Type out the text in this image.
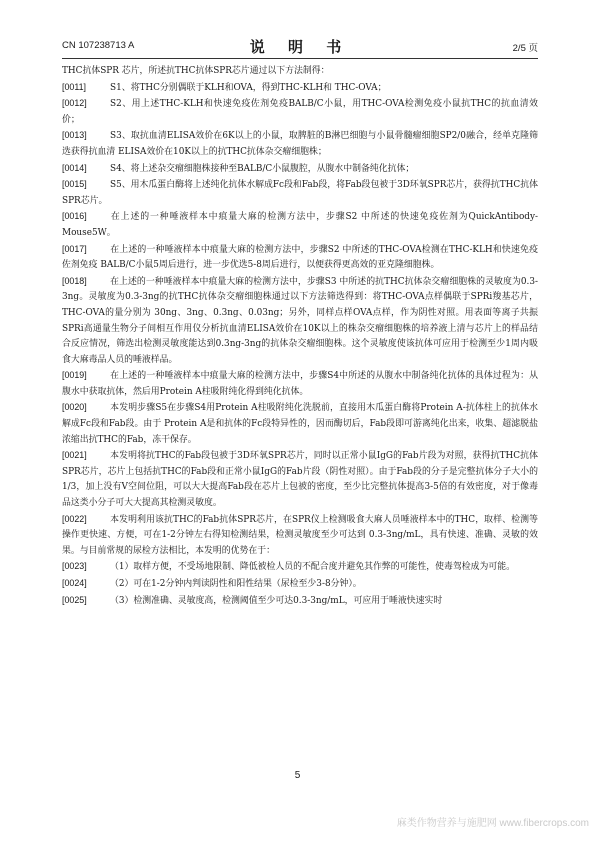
CN 107238713 A	说 明 书	2/5 页

THC抗体SPR 芯片，所述抗THC抗体SPR芯片通过以下方法制得：

[0011]	S1、将THC分别偶联于KLH和OVA，得到THC-KLH和 THC-OVA；

[0012]	S2、用上述THC-KLH和快速免疫佐剂免疫BALB/C小鼠，用THC-OVA检测免疫小鼠抗THC的抗血清效价；

[0013]	S3、取抗血清ELISA效价在6K以上的小鼠，取脾脏的B淋巴细胞与小鼠骨髓瘤细胞SP2/0融合，经单克隆筛选获得抗血清 ELISA效价在10K以上的抗THC抗体杂交瘤细胞株；

[0014]	S4、将上述杂交瘤细胞株接种至BALB/C小鼠腹腔，从腹水中制备纯化抗体；

[0015]	S5、用木瓜蛋白酶将上述纯化抗体水解成Fc段和Fab段，将Fab段包被于3D环氧SPR芯片，获得抗THC抗体SPR芯片。

[0016]	在上述的一种唾液样本中痕量大麻的检测方法中，步骤S2 中所述的快速免疫佐剂为QuickAntibody-Mouse5W。

[0017]	在上述的一种唾液样本中痕量大麻的检测方法中，步骤S2 中所述的THC-OVA检测在THC-KLH和快速免疫佐剂免疫 BALB/C小鼠5周后进行，进一步优选5-8周后进行，以便获得更高效的亚克隆细胞株。

[0018]	在上述的一种唾液样本中痕量大麻的检测方法中，步骤S3 中所述的抗THC抗体杂交瘤细胞株的灵敏度为0.3-3ng。灵敏度为0.3-3ng的抗THC抗体杂交瘤细胞株通过以下方法筛选得到：将THC-OVA点样偶联于SPRi羧基芯片，THC-OVA的量分别为 30ng、3ng、0.3ng、0.03ng；另外，同样点样OVA点样，作为阴性对照。用表面等离子共振SPRi高通量生物分子间相互作用仪分析抗血清ELISA效价在10K以上的株杂交瘤细胞株的培养液上清与芯片上的样品结合反应情况，筛选出检测灵敏度能达到0.3ng-3ng的抗体杂交瘤细胞株。这个灵敏度使该抗体可应用于检测至少1周内吸食大麻毒品人员的唾液样品。

[0019]	在上述的一种唾液样本中痕量大麻的检测方法中，步骤S4中所述的从腹水中制备纯化抗体的具体过程为：从腹水中获取抗体，然后用Protein A柱吸附纯化得到纯化抗体。

[0020]	本发明步骤S5在步骤S4用Protein A柱吸附纯化洗脱前，直接用木瓜蛋白酶将Protein A-抗体柱上的抗体水解成Fc段和Fab段。由于 Protein A是和抗体的Fc段特异性的，因而酶切后，Fab段即可游离纯化出来，收集、超滤脱盐浓缩出抗THC的Fab，冻干保存。

[0021]	本发明将抗THC的Fab段包被于3D环氧SPR芯片，同时以正常小鼠IgG的Fab片段为对照，获得抗THC抗体SPR芯片，芯片上包括抗THC的Fab段和正常小鼠IgG的Fab片段（阴性对照）。由于Fab段的分子是完整抗体分子大小的1/3，加上没有V空间位阻，可以大大提高Fab段在芯片上包被的密度，至少比完整抗体提高3-5倍的有效密度，对于像毒品这类小分子可大大提高其检测灵敏度。

[0022]	本发明利用该抗THC的Fab抗体SPR芯片，在SPR仪上检测吸食大麻人员唾液样本中的THC，取样、检测等操作更快速、方便，可在1-2分钟左右得知检测结果，检测灵敏度至少可达到 0.3-3ng/mL，具有快速、准确、灵敏的效果。与目前常规的尿检方法相比，本发明的优势在于：

[0023]	（1）取样方便，不受场地限制、降低被检人员的不配合度并避免其作弊的可能性，使毒驾检成为可能。

[0024]	（2）可在1-2分钟内判读阴性和阳性结果（尿检至少3-8分钟）。

[0025]	（3）检测准确、灵敏度高，检测阈值至少可达0.3-3ng/mL，可应用于唾液快速实时

5
麻类作物营养与施肥网 www.fibercrops.com
